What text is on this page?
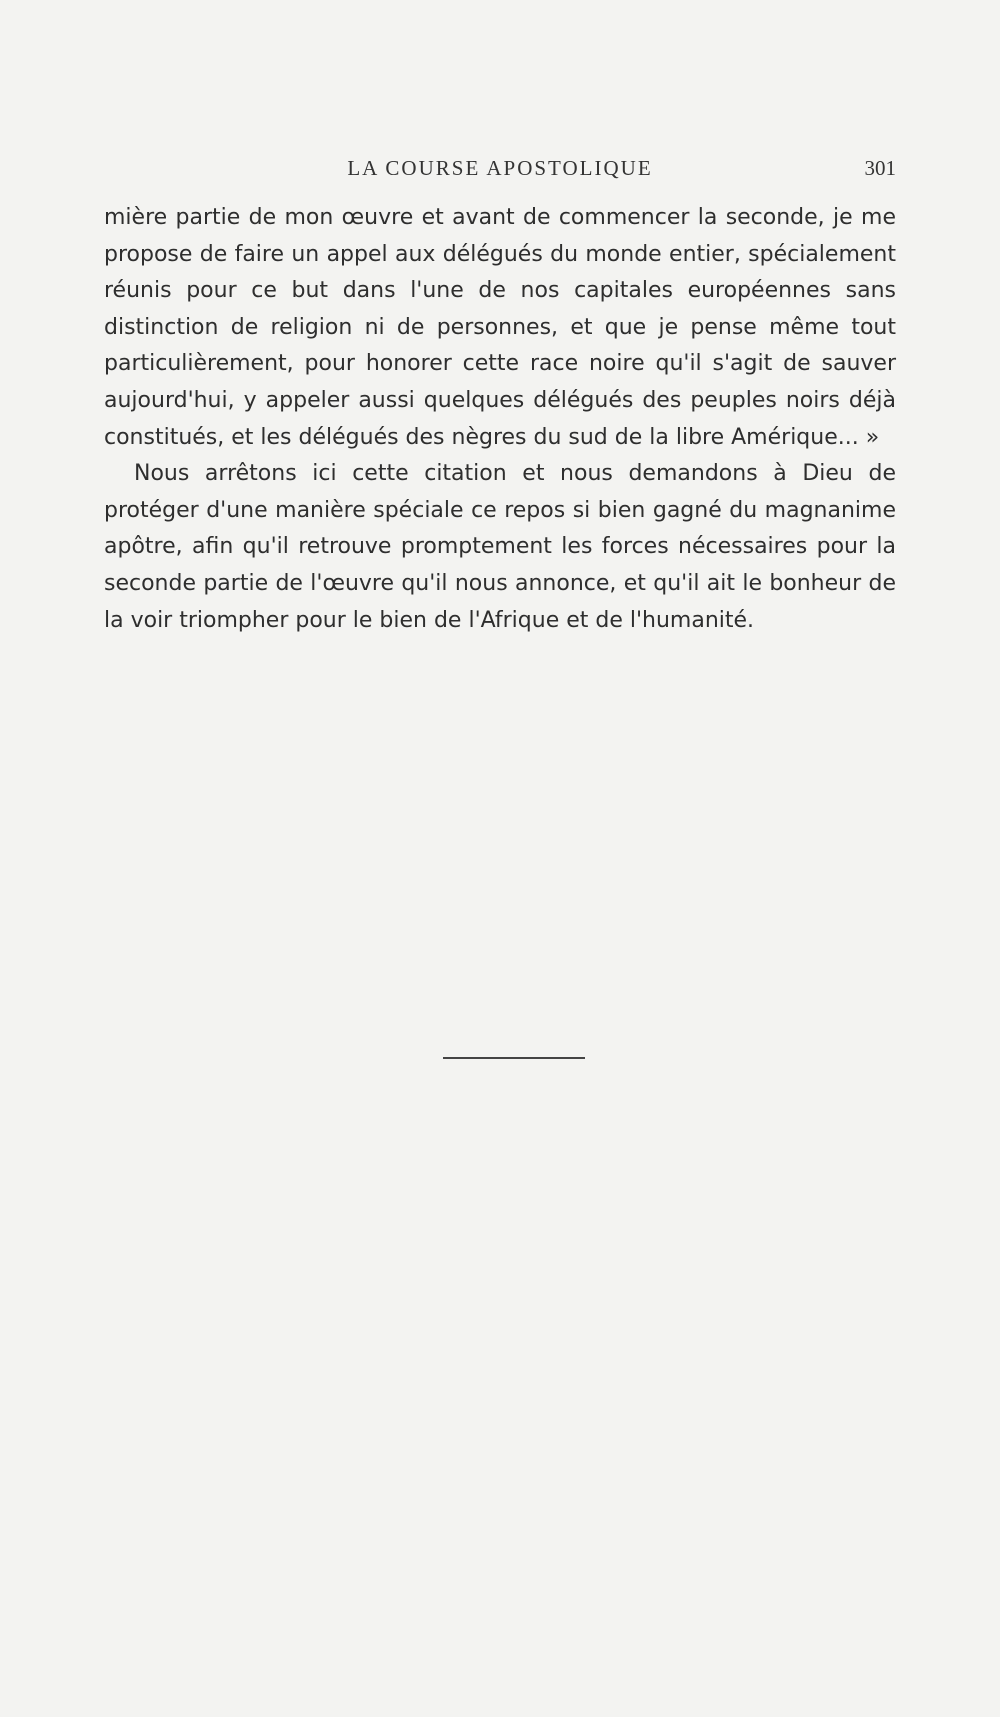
LA COURSE APOSTOLIQUE	301

mière partie de mon œuvre et avant de commencer la seconde, je me propose de faire un appel aux délégués du monde entier, spécialement réunis pour ce but dans l'une de nos capitales européennes sans distinction de religion ni de personnes, et que je pense même tout particulièrement, pour honorer cette race noire qu'il s'agit de sauver aujourd'hui, y appeler aussi quelques délégués des peuples noirs déjà constitués, et les délégués des nègres du sud de la libre Amérique... »

Nous arrêtons ici cette citation et nous demandons à Dieu de protéger d'une manière spéciale ce repos si bien gagné du magnanime apôtre, afin qu'il retrouve promptement les forces nécessaires pour la seconde partie de l'œuvre qu'il nous annonce, et qu'il ait le bonheur de la voir triompher pour le bien de l'Afrique et de l'humanité.
